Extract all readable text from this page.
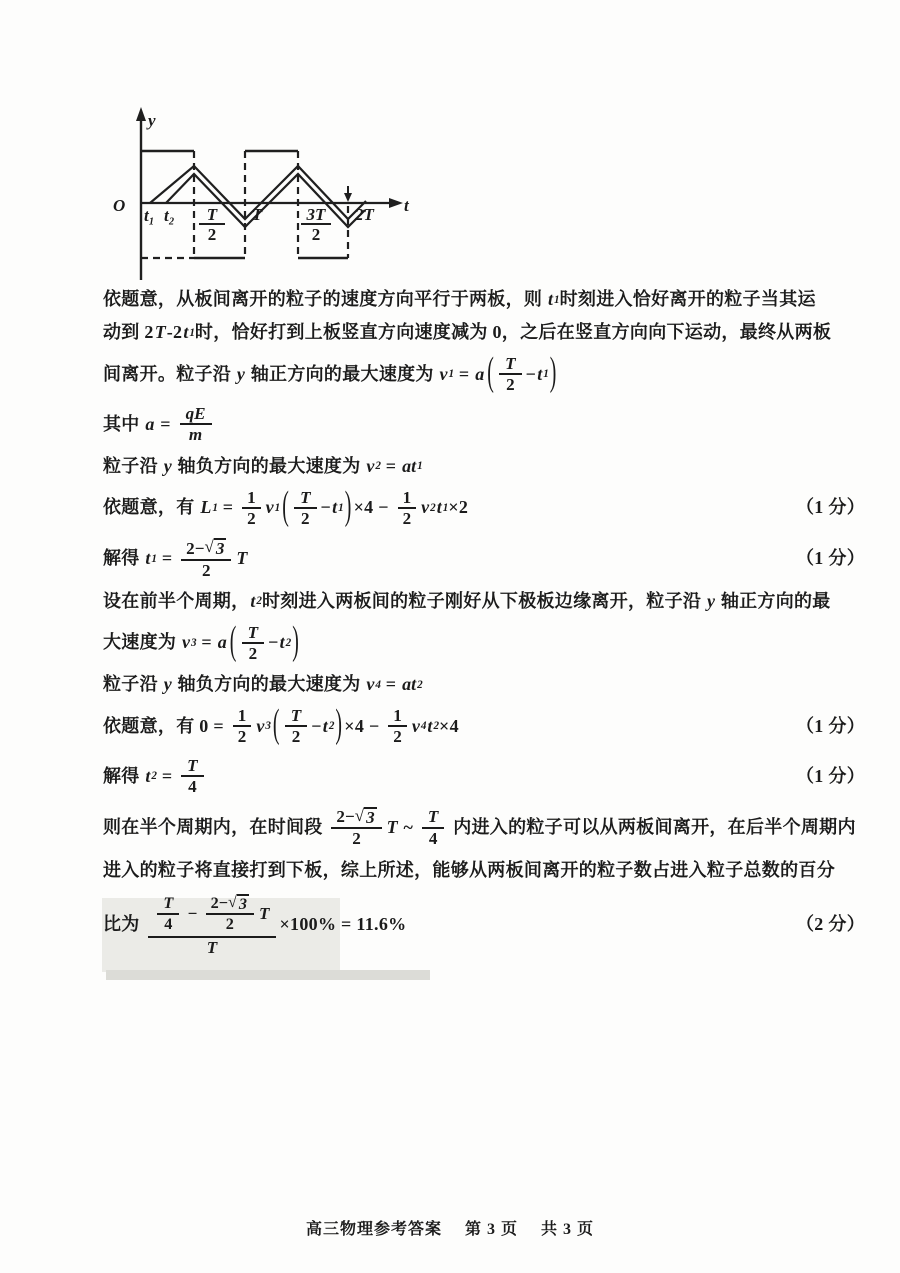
y
O
t₁ t₂ T
2
T	3T
2
2T t
依题意，从板间离开的粒子的速度方向平行于两板，则 t 1 时刻进入恰好离开的粒子当其运
动到 2 T -2 t 1 时，恰好打到上板竖直方向速度减为 0，之后在竖直方向向下运动，最终从两板
间离开。粒子沿 y 轴正方向的最大速度为 v 1 = a ( $\frac{T}{2} - t$ 1 )
其中 $a = \frac{qE}{m}$
粒子沿 y 轴负方向的最大速度为 v 2 = at 1
依题意，有 L $1 = \frac{1}{2}$ v 1 ( $\frac{T}{2} - t$ 1 ) $\times 4 - \frac{1}{2}$ v 2 t 1 ×2	（1 分）
解得 t $1 = \frac{2- √ 3}{2}$ T	（1 分）
设在前半个周期， t 2 时刻进入两板间的粒子刚好从下极板边缘离开，粒子沿 y 轴正方向的最
大速度为 v 3 = a ( $\frac{T}{2} - t$ 2 )
粒子沿 y 轴负方向的最大速度为 v 4 = at 2
依题意，有 $0 = \frac{1}{2}$ v 3 ( $\frac{T}{2} - t$ 2 ) $\times 4 - \frac{1}{2}$ v 4 t 2 ×4	（1 分）
解得 t $2 = \frac{T}{4}$	（1 分）
则在半个周期内，在时间段 $\frac{2- √ 3}{2}$ T ~ $\frac{T}{4}$ 内进入的粒子可以从两板间离开，在后半个周期内
进入的粒子将直接打到下板，综上所述，能够从两板间离开的粒子数占进入粒子总数的百分
比为 $\frac{\frac{T}{4} - \frac{2- √ 3}{2} T}{T} \times 100\% = 11.6\%$	（2 分）
高三物理参考答案 第 3 页 共 3 页
